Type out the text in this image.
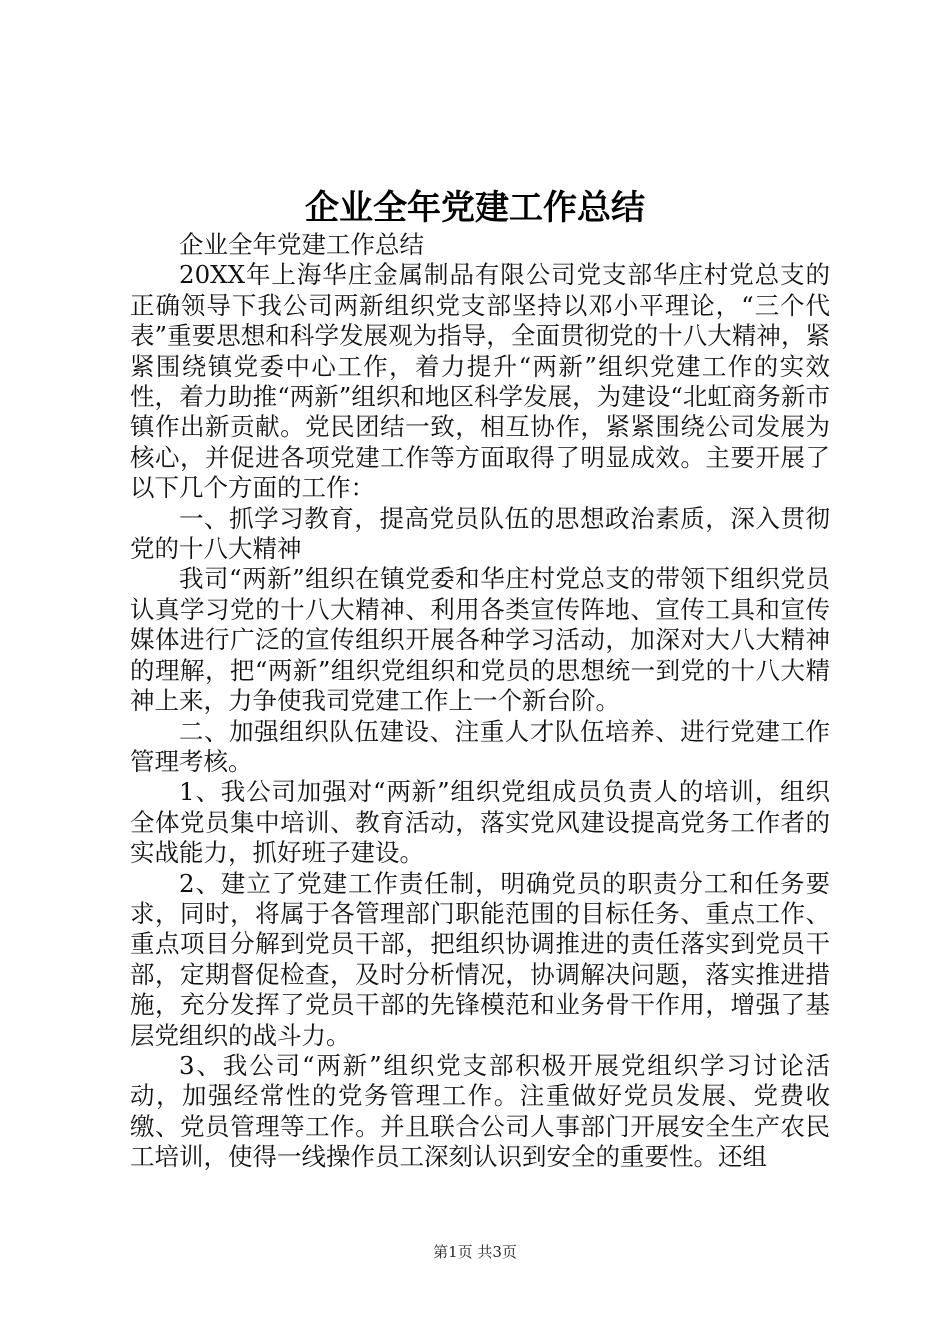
企业全年党建工作总结

企业全年党建工作总结

20XX年上海华庄金属制品有限公司党支部华庄村党总支的正确领导下我公司两新组织党支部坚持以邓小平理论，“三个代表”重要思想和科学发展观为指导，全面贯彻党的十八大精神，紧紧围绕镇党委中心工作，着力提升“两新”组织党建工作的实效性，着力助推“两新”组织和地区科学发展，为建设“北虹商务新市镇作出新贡献。党民团结一致，相互协作，紧紧围绕公司发展为核心，并促进各项党建工作等方面取得了明显成效。主要开展了以下几个方面的工作：

一、抓学习教育，提高党员队伍的思想政治素质，深入贯彻党的十八大精神

我司“两新”组织在镇党委和华庄村党总支的带领下组织党员认真学习党的十八大精神、利用各类宣传阵地、宣传工具和宣传媒体进行广泛的宣传组织开展各种学习活动，加深对大八大精神的理解，把“两新”组织党组织和党员的思想统一到党的十八大精神上来，力争使我司党建工作上一个新台阶。

二、加强组织队伍建设、注重人才队伍培养、进行党建工作管理考核。

1、我公司加强对“两新”组织党组成员负责人的培训，组织全体党员集中培训、教育活动，落实党风建设提高党务工作者的实战能力，抓好班子建设。

2、建立了党建工作责任制，明确党员的职责分工和任务要求，同时，将属于各管理部门职能范围的目标任务、重点工作、重点项目分解到党员干部，把组织协调推进的责任落实到党员干部，定期督促检查，及时分析情况，协调解决问题，落实推进措施，充分发挥了党员干部的先锋模范和业务骨干作用，增强了基层党组织的战斗力。

3、我公司“两新”组织党支部积极开展党组织学习讨论活动，加强经常性的党务管理工作。注重做好党员发展、党费收缴、党员管理等工作。并且联合公司人事部门开展安全生产农民工培训，使得一线操作员工深刻认识到安全的重要性。还组

第1页 共3页
